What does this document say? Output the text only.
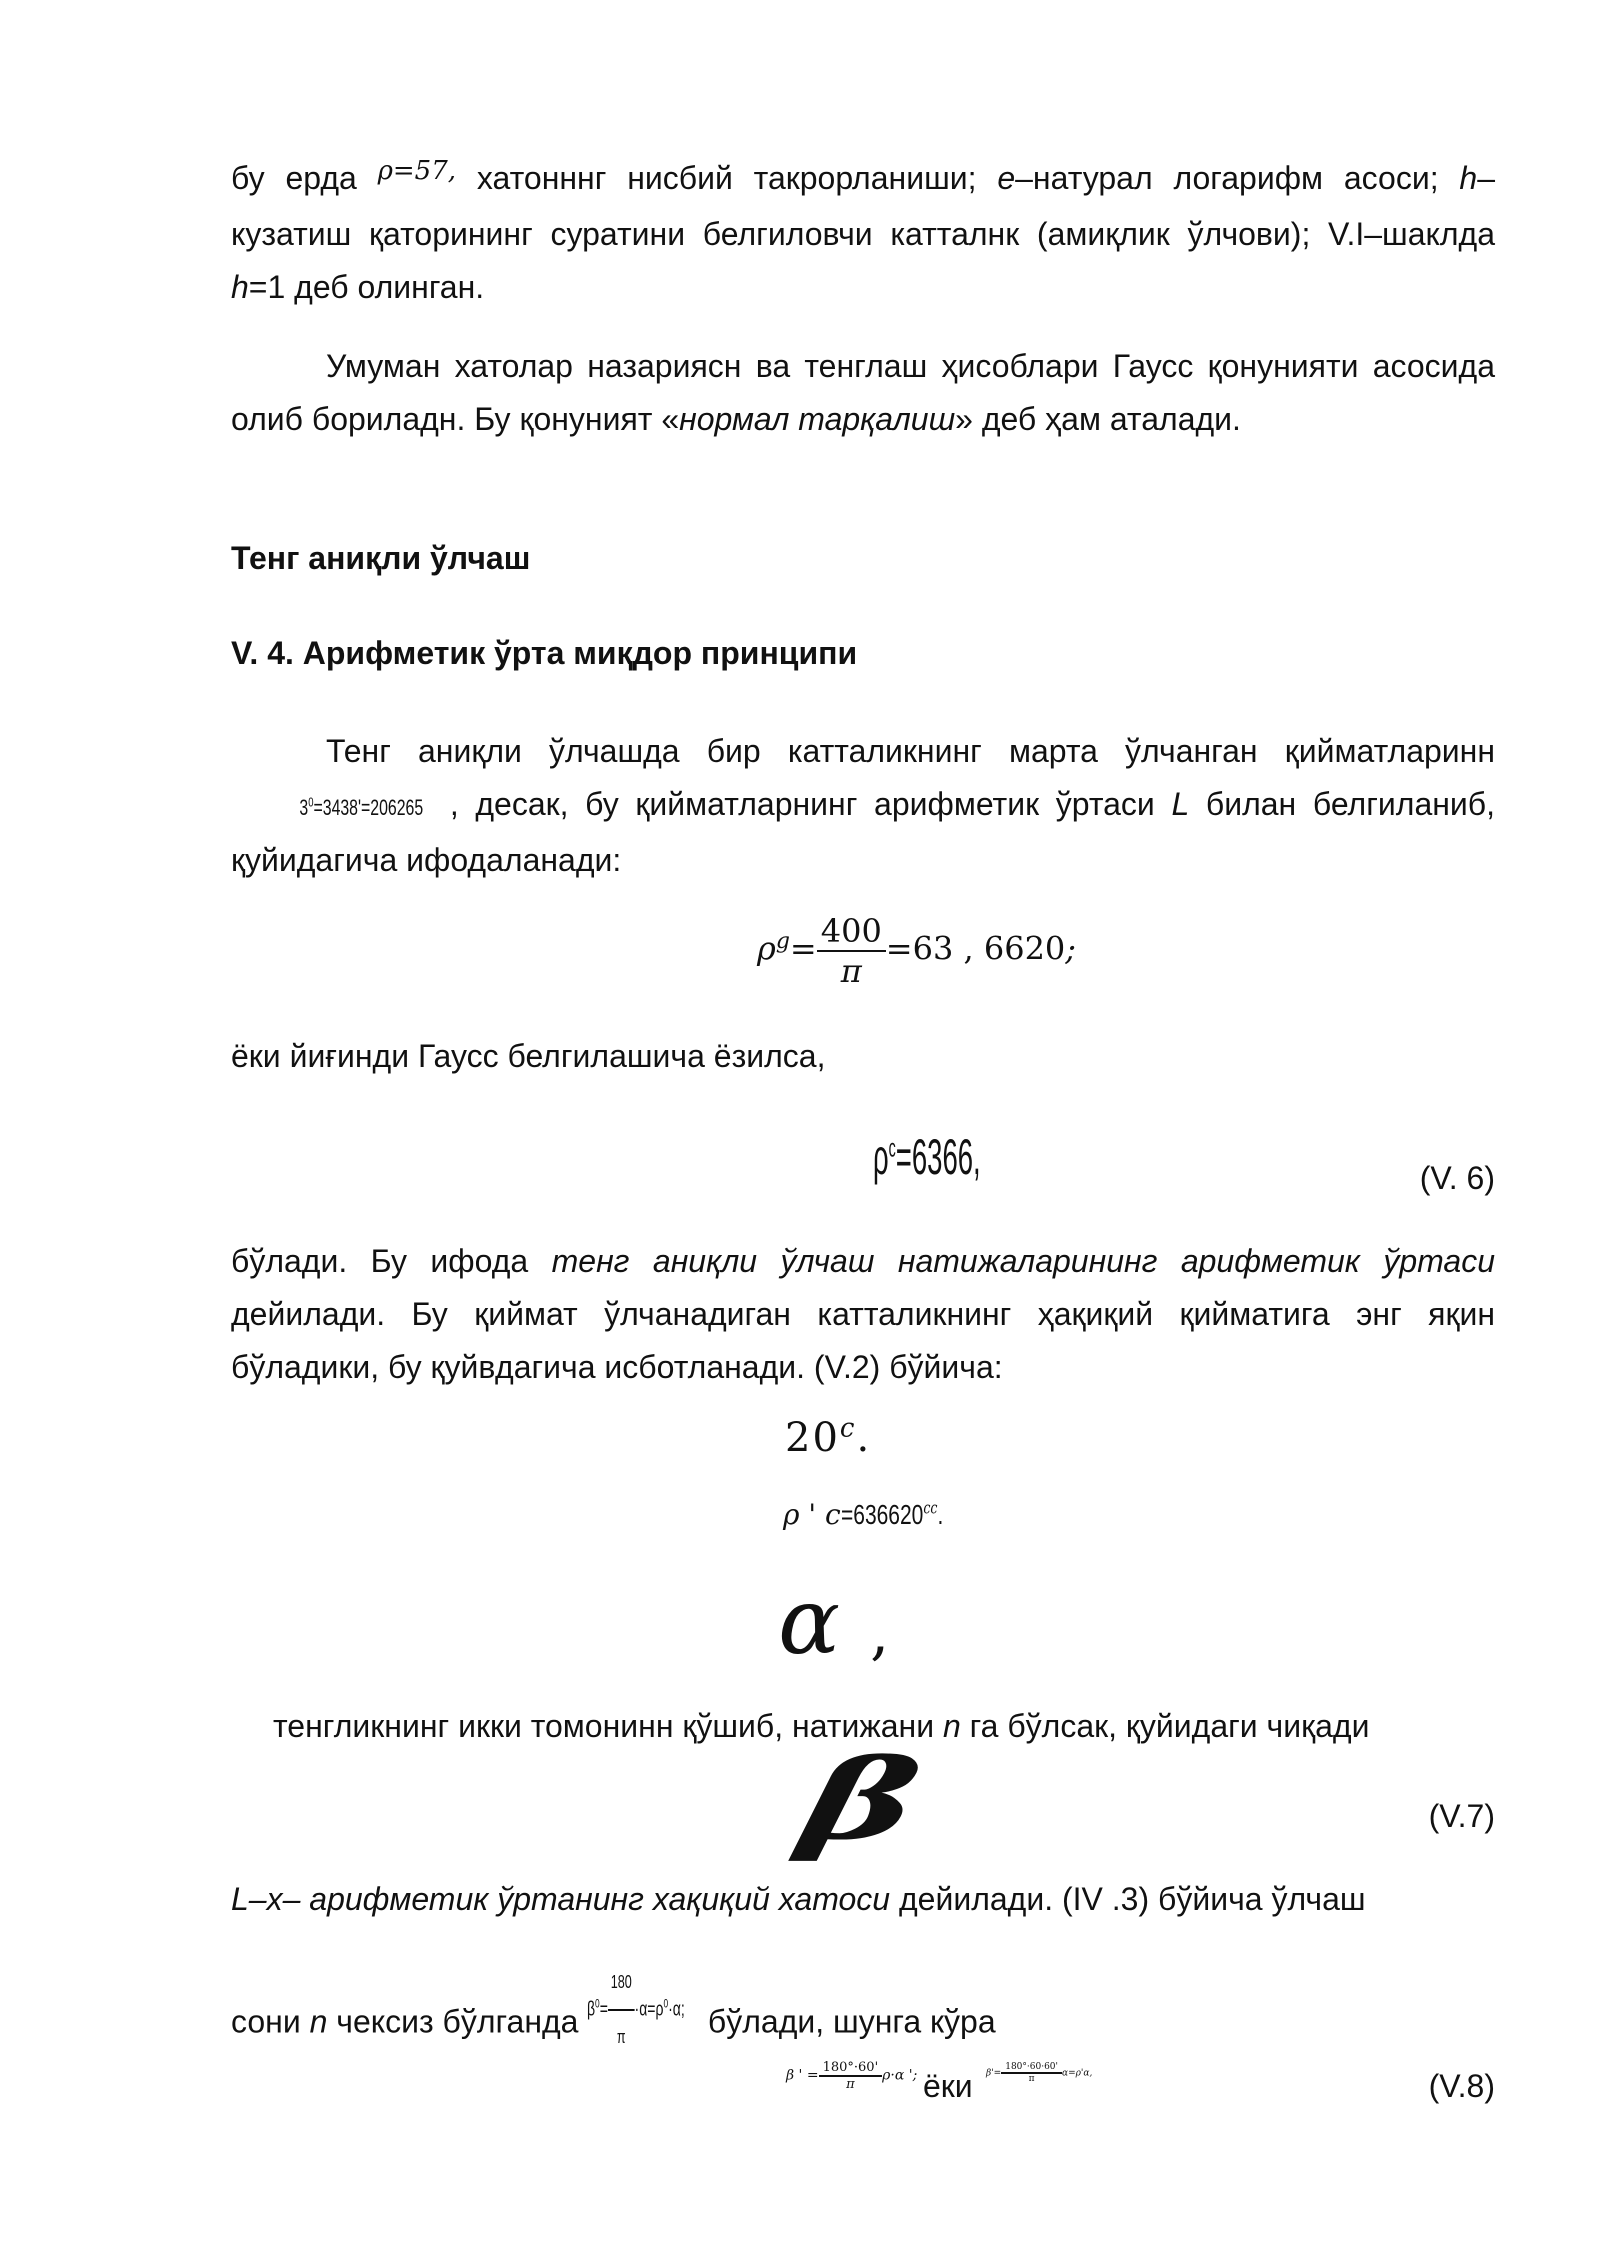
бу ерда $^{\rho=57,}$ хатонннг нисбий такрорланиши; e–натурал логарифм асоси; h–кузатиш қаторининг суратини белгиловчи катталнк (амиқлик ўлчови); V.I–шаклда h=1 деб олинган.

Умуман хатолар назариясн ва тенглаш ҳисоблари Гаусс қонунияти асосида олиб бориладн. Бу қонуният «нормал тарқалиш» деб ҳам аталади.

Тенг аниқли ўлчаш
V. 4. Арифметик ўрта миқдор принципи

Тенг аниқли ўлчашда бир катталикнинг марта ўлчанган қийматларинн $3^0=3438'=206265$ , десак, бу қийматларнинг арифметик ўртаси L билан белгиланиб, қуйидагича ифодаланади:

$\rho^g= \frac{400}{\pi} =63$ , 6620;
ёки йиғинди Гаусс белгилашича ёзилса,
$\rho^c=6366$,	(V. 6)

бўлади. Бу ифода тенг аниқли ўлчаш натижаларининг арифметик ўртаси дейилади. Бу қиймат ўлчанадиган катталикнинг ҳақиқий қийматига энг яқин бўладики, бу қуйвдагича исботланади. (V.2) бўйича:

20$^c$.
ρ ' $c=636620^{cc}$.
α ,
тенгликнинг икки томонинн қўшиб, натижани n га бўлсак, қуйидаги чиқади
β	(V.7)
L–x– арифметик ўртанинг хақиқий хатоси дейилади. (IV .3) бўйича ўлчаш
сони n чексиз бўлганда $\beta^0= \frac{180}{\pi} \cdot\alpha=\rho^0\cdot\alpha$; бўлади, шунга кўра
β ' = $\frac{180^\circ\cdot 60'}{\pi} \rho\cdot\alpha$ '; ёки $\beta'= \frac{180^\circ\cdot 60\cdot 60'}{\pi} \alpha=\rho'\alpha$,	(V.8)
